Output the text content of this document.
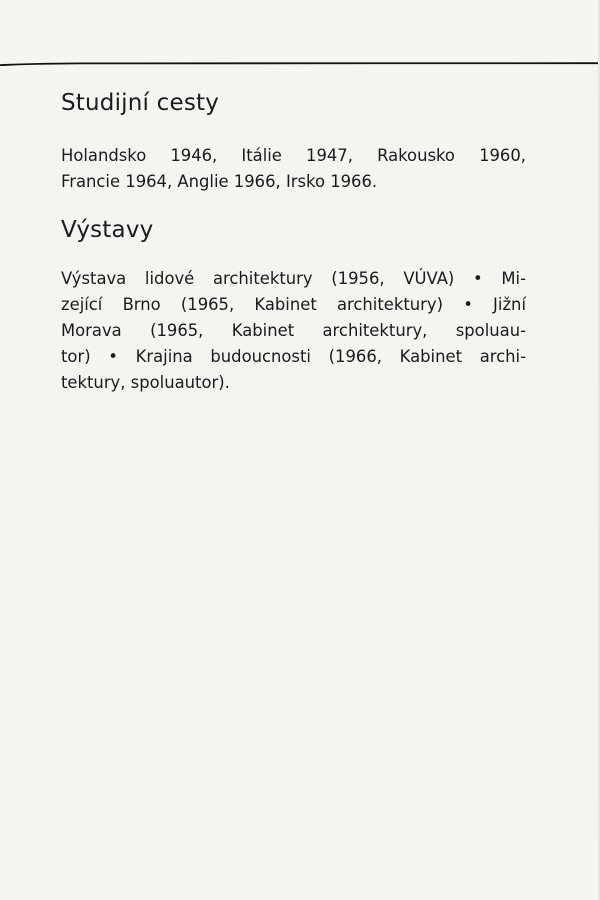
Studijní cesty

Holandsko 1946, Itálie 1947, Rakousko 1960,

Francie 1964, Anglie 1966, Irsko 1966.

Výstavy

Výstava lidové architektury (1956, VÚVA) • Mi-

zející Brno (1965, Kabinet architektury) • Jižní

Morava (1965, Kabinet architektury, spoluau-

tor) • Krajina budoucnosti (1966, Kabinet archi-

tektury, spoluautor).
